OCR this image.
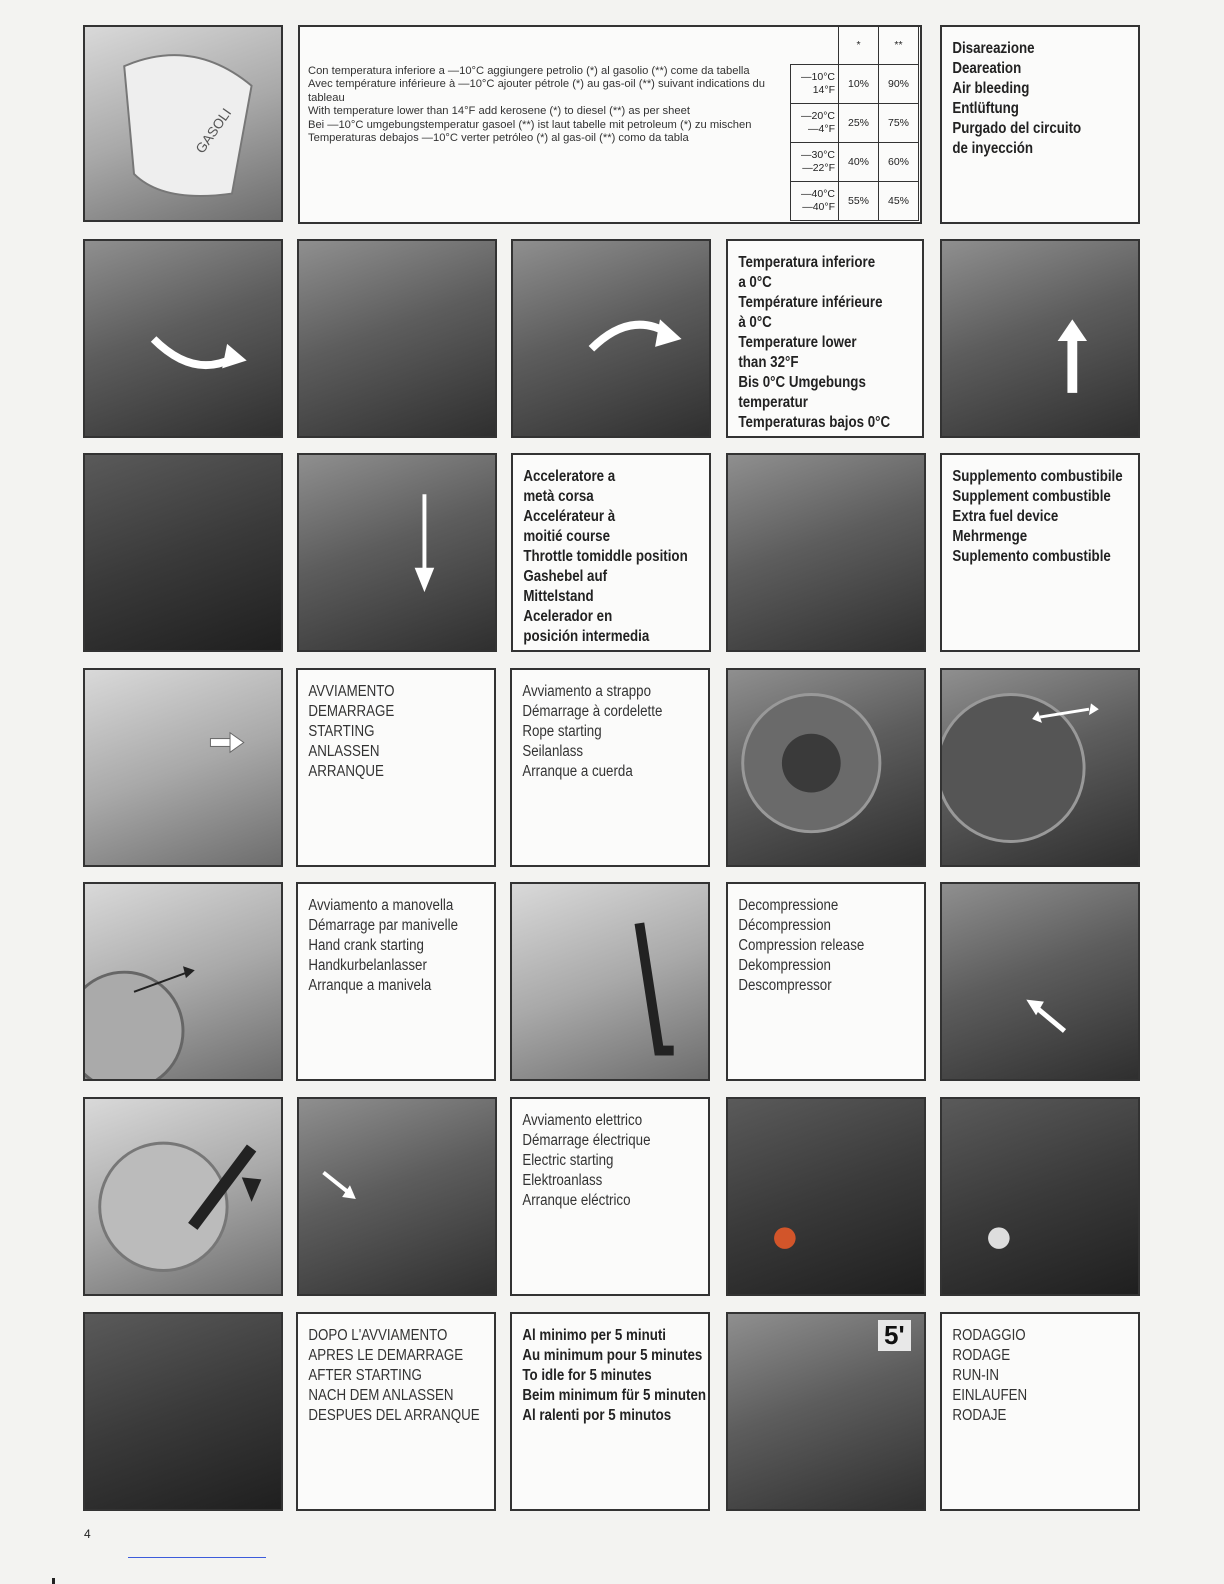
GASOLI
Con temperatura inferiore a —10°C aggiungere petrolio (*) al gasolio (**) come da tabella
Avec température inférieure à —10°C ajouter pétrole (*) au gas-oil (**) suivant indications du tableau
With temperature lower than 14°F add kerosene (*) to diesel (**) as per sheet
Bei —10°C umgebungstemperatur gasoel (**) ist laut tabelle mit petroleum (*) zu mischen
Temperaturas debajos —10°C verter petróleo (*) al gas-oil (**) como da tabla
	*	**
—10°C
14°F	10%	90%
—20°C
—4°F	25%	75%
—30°C
—22°F	40%	60%
—40°C
—40°F	55%	45%
Disareazione
Deareation
Air bleeding
Entlüftung
Purgado del circuito
de inyección
Temperatura inferiore
a 0°C
Température inférieure
à 0°C
Temperature lower
than 32°F
Bis 0°C Umgebungs
temperatur
Temperaturas bajos 0°C
Acceleratore a
metà corsa
Accelérateur à
moitié course
Throttle tomiddle position
Gashebel auf
Mittelstand
Acelerador en
posición intermedia
Supplemento combustibile
Supplement combustible
Extra fuel device
Mehrmenge
Suplemento combustible
AVVIAMENTO
DEMARRAGE
STARTING
ANLASSEN
ARRANQUE
Avviamento a strappo
Démarrage à cordelette
Rope starting
Seilanlass
Arranque a cuerda
Avviamento a manovella
Démarrage par manivelle
Hand crank starting
Handkurbelanlasser
Arranque a manivela
Decompressione
Décompression
Compression release
Dekompression
Descompressor
Avviamento elettrico
Démarrage électrique
Electric starting
Elektroanlass
Arranque eléctrico
DOPO L'AVVIAMENTO
APRES LE DEMARRAGE
AFTER STARTING
NACH DEM ANLASSEN
DESPUES DEL ARRANQUE
Al minimo per 5 minuti
Au minimum pour 5 minutes
To idle for 5 minutes
Beim minimum für 5 minuten
Al ralenti por 5 minutos
5'	RODAGGIO
RODAGE
RUN-IN
EINLAUFEN
RODAJE
4
